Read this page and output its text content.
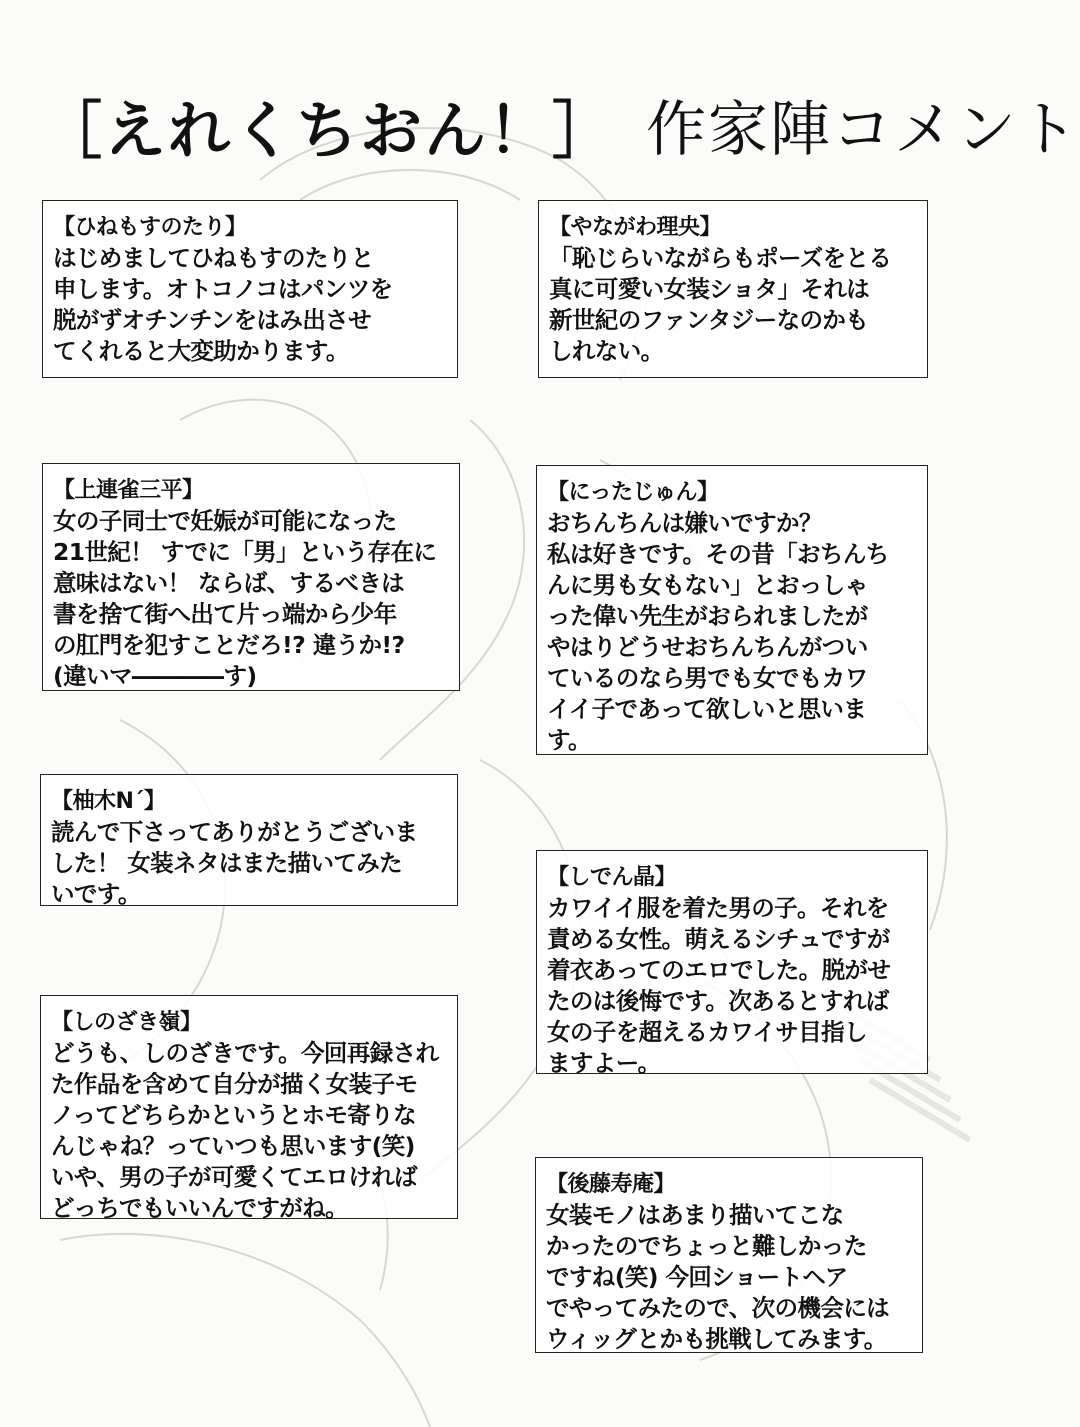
［えれくちおん！］ 作家陣コメント
【ひねもすのたり】
はじめましてひねもすのたりと
申します。オトコノコはパンツを
脱がずオチンチンをはみ出させ
てくれると大変助かります。
【やながわ理央】
「恥じらいながらもポーズをとる
真に可愛い女装ショタ」それは
新世紀のファンタジーなのかも
しれない。
【上連雀三平】
女の子同士で妊娠が可能になった
21世紀！ すでに「男」という存在に
意味はない！ ならば、するべきは
書を捨て街へ出て片っ端から少年
の肛門を犯すことだろ!? 違うか!?
(違いマ――――す)
【にったじゅん】
おちんちんは嫌いですか？
私は好きです。その昔「おちんち
んに男も女もない」とおっしゃ
った偉い先生がおられましたが
やはりどうせおちんちんがつい
ているのなら男でも女でもカワ
イイ子であって欲しいと思いま
す。
【柚木N´】
読んで下さってありがとうございま
した！ 女装ネタはまた描いてみた
いです。
【しでん晶】
カワイイ服を着た男の子。それを
責める女性。萌えるシチュですが
着衣あってのエロでした。脱がせ
たのは後悔です。次あるとすれば
女の子を超えるカワイサ目指し
ますよー。
【しのざき嶺】
どうも、しのざきです。今回再録され
た作品を含めて自分が描く女装子モ
ノってどちらかというとホモ寄りな
んじゃね？っていつも思います(笑)
いや、男の子が可愛くてエロければ
どっちでもいいんですがね。
【後藤寿庵】
女装モノはあまり描いてこな
かったのでちょっと難しかった
ですね(笑) 今回ショートヘア
でやってみたので、次の機会には
ウィッグとかも挑戦してみます。
